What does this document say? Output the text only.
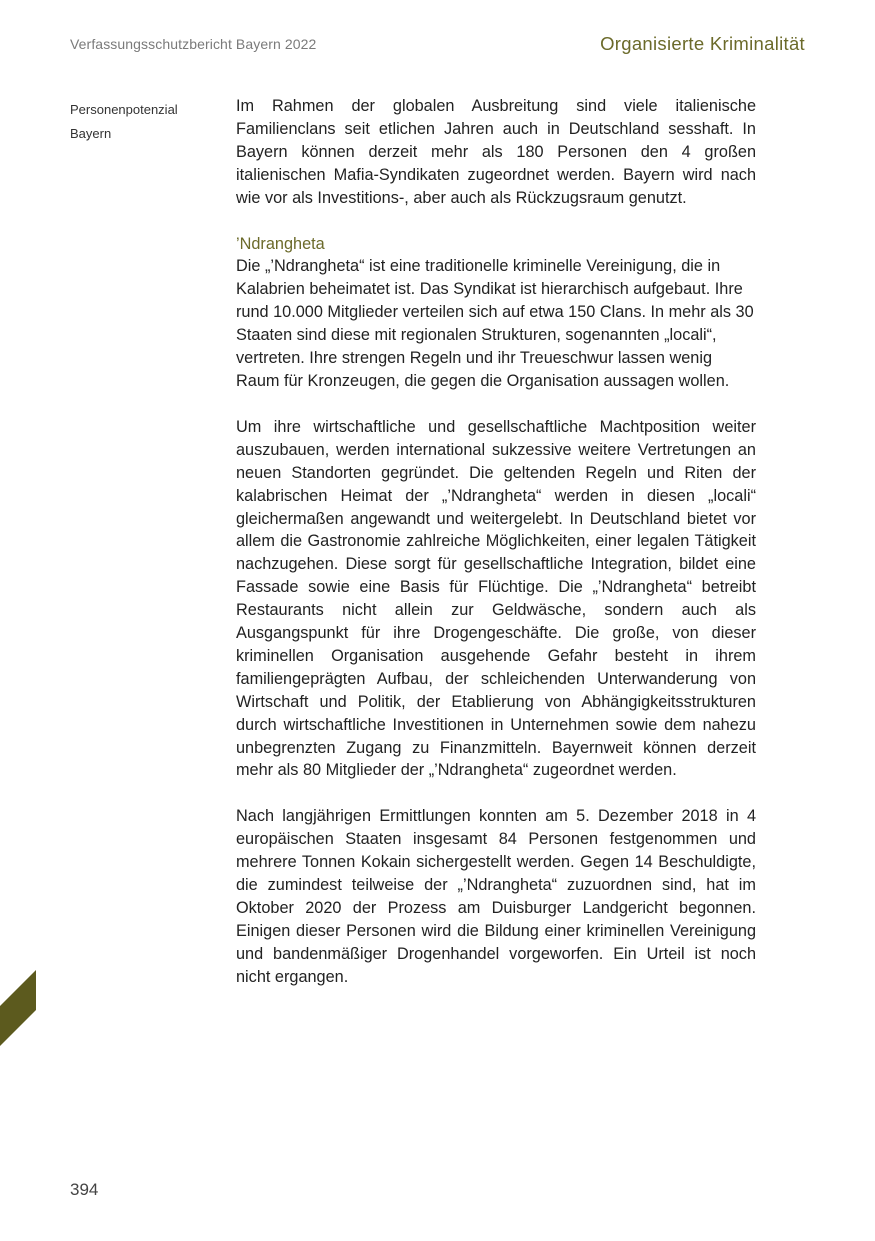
Verfassungsschutzbericht Bayern 2022	Organisierte Kriminalität
Personenpotenzial
Bayern

Im Rahmen der globalen Ausbreitung sind viele italienische Familienclans seit etlichen Jahren auch in Deutschland sesshaft. In Bayern können derzeit mehr als 180 Personen den 4 großen italienischen Mafia-Syndikaten zugeordnet werden. Bayern wird nach wie vor als Investitions-, aber auch als Rückzugsraum genutzt.

’Ndrangheta

Die „’Ndrangheta“ ist eine traditionelle kriminelle Vereinigung, die in Kalabrien beheimatet ist. Das Syndikat ist hierarchisch aufgebaut. Ihre rund 10.000 Mitglieder verteilen sich auf etwa 150 Clans. In mehr als 30 Staaten sind diese mit regionalen Strukturen, sogenannten „locali“, vertreten. Ihre strengen Regeln und ihr Treueschwur lassen wenig Raum für Kronzeugen, die gegen die Organisation aussagen wollen.

Um ihre wirtschaftliche und gesellschaftliche Machtposition weiter auszubauen, werden international sukzessive weitere Vertretungen an neuen Standorten gegründet. Die geltenden Regeln und Riten der kalabrischen Heimat der „’Ndrangheta“ werden in diesen „locali“ gleichermaßen angewandt und weitergelebt. In Deutschland bietet vor allem die Gastronomie zahlreiche Möglichkeiten, einer legalen Tätigkeit nachzugehen. Diese sorgt für gesellschaftliche Integration, bildet eine Fassade sowie eine Basis für Flüchtige. Die „’Ndrangheta“ betreibt Restaurants nicht allein zur Geldwäsche, sondern auch als Ausgangspunkt für ihre Drogengeschäfte. Die große, von dieser kriminellen Organisation ausgehende Gefahr besteht in ihrem familiengeprägten Aufbau, der schleichenden Unterwanderung von Wirtschaft und Politik, der Etablierung von Abhängigkeitsstrukturen durch wirtschaftliche Investitionen in Unternehmen sowie dem nahezu unbegrenzten Zugang zu Finanzmitteln. Bayernweit können derzeit mehr als 80 Mitglieder der „’Ndrangheta“ zugeordnet werden.

Nach langjährigen Ermittlungen konnten am 5. Dezember 2018 in 4 europäischen Staaten insgesamt 84 Personen festgenommen und mehrere Tonnen Kokain sichergestellt werden. Gegen 14 Beschuldigte, die zumindest teilweise der „’Ndrangheta“ zuzuordnen sind, hat im Oktober 2020 der Prozess am Duisburger Landgericht begonnen. Einigen dieser Personen wird die Bildung einer kriminellen Vereinigung und bandenmäßiger Drogenhandel vorgeworfen. Ein Urteil ist noch nicht ergangen.

394
